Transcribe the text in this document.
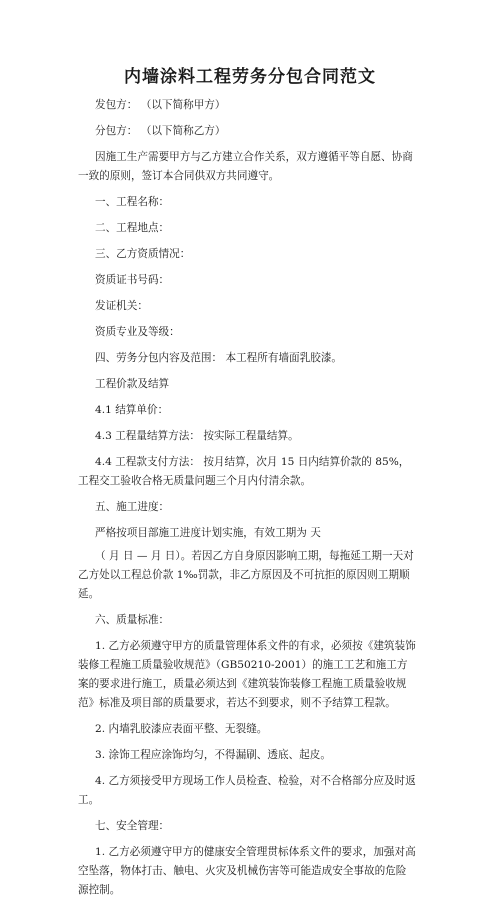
内墙涂料工程劳务分包合同范文

发包方： （以下简称甲方）

分包方： （以下简称乙方）

因施工生产需要甲方与乙方建立合作关系，双方遵循平等自愿、协商一致的原则，签订本合同供双方共同遵守。

一、工程名称：

二、工程地点：

三、乙方资质情况：

资质证书号码：

发证机关：

资质专业及等级：

四、劳务分包内容及范围： 本工程所有墙面乳胶漆。

工程价款及结算

4.1 结算单价：

4.3 工程量结算方法： 按实际工程量结算。

4.4 工程款支付方法： 按月结算，次月 15 日内结算价款的 85%，工程交工验收合格无质量问题三个月内付清余款。

五、施工进度：

严格按项目部施工进度计划实施，有效工期为 天

（ 月 日 — 月 日）。若因乙方自身原因影响工期，每拖延工期一天对乙方处以工程总价款 1‰罚款，非乙方原因及不可抗拒的原因则工期顺延。

六、质量标准：

1. 乙方必须遵守甲方的质量管理体系文件的有求，必须按《建筑装饰装修工程施工质量验收规范》（GB50210-2001）的施工工艺和施工方案的要求进行施工，质量必须达到《建筑装饰装修工程施工质量验收规范》标准及项目部的质量要求，若达不到要求，则不予结算工程款。

2. 内墙乳胶漆应表面平整、无裂缝。

3. 涂饰工程应涂饰均匀，不得漏刷、透底、起皮。

4. 乙方须接受甲方现场工作人员检查、检验，对不合格部分应及时返工。

七、安全管理：

1. 乙方必须遵守甲方的健康安全管理贯标体系文件的要求，加强对高空坠落，物体打击、触电、火灾及机械伤害等可能造成安全事故的危险源控制。
